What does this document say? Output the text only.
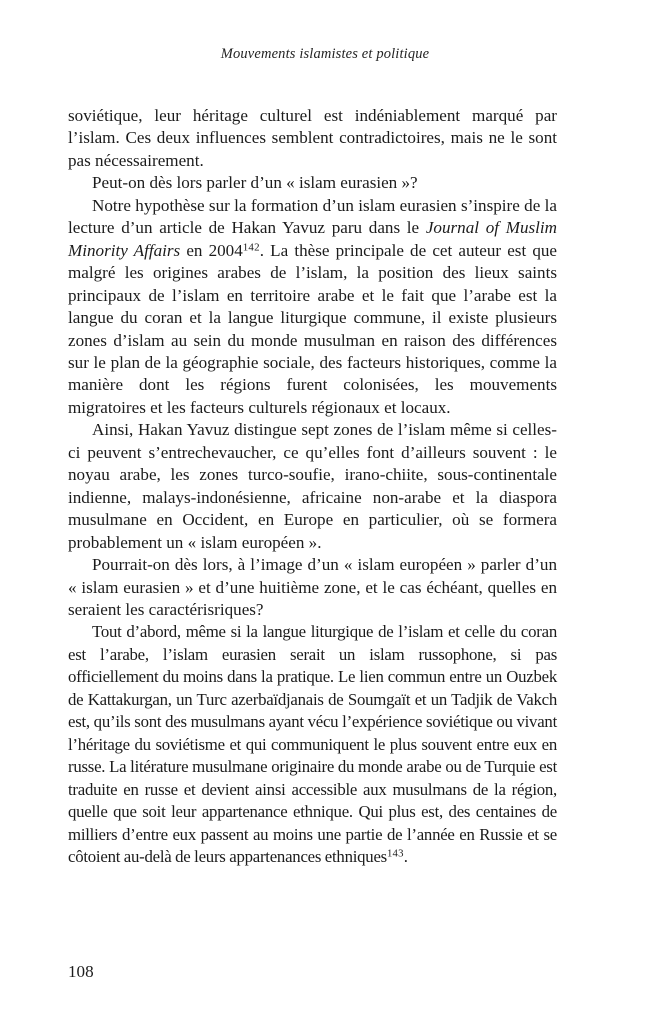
Mouvements islamistes et politique

soviétique, leur héritage culturel est indéniablement marqué par l’islam. Ces deux influences semblent contradictoires, mais ne le sont pas nécessairement.

Peut-on dès lors parler d’un « islam eurasien »?

Notre hypothèse sur la formation d’un islam eurasien s’inspire de la lecture d’un article de Hakan Yavuz paru dans le Journal of Muslim Minority Affairs en 2004$^{142}$. La thèse principale de cet auteur est que malgré les origines arabes de l’islam, la position des lieux saints principaux de l’islam en territoire arabe et le fait que l’arabe est la langue du coran et la langue liturgique commune, il existe plusieurs zones d’islam au sein du monde musulman en raison des différences sur le plan de la géographie sociale, des facteurs historiques, comme la manière dont les régions furent colonisées, les mouvements migratoires et les facteurs culturels régionaux et locaux.

Ainsi, Hakan Yavuz distingue sept zones de l’islam même si celles-ci peuvent s’entrechevaucher, ce qu’elles font d’ailleurs souvent : le noyau arabe, les zones turco-soufie, irano-chiite, sous-continentale indienne, malays-indonésienne, africaine non-arabe et la diaspora musulmane en Occident, en Europe en particulier, où se formera probablement un « islam européen ».

Pourrait-on dès lors, à l’image d’un « islam européen » parler d’un « islam eurasien » et d’une huitième zone, et le cas échéant, quelles en seraient les caractérisriques?

Tout d’abord, même si la langue liturgique de l’islam et celle du coran est l’arabe, l’islam eurasien serait un islam russophone, si pas officiellement du moins dans la pratique. Le lien commun entre un Ouzbek de Kattakurgan, un Turc azerbaïdjanais de Soumgaït et un Tadjik de Vakch est, qu’ils sont des musulmans ayant vécu l’expérience soviétique ou vivant l’héritage du soviétisme et qui communiquent le plus souvent entre eux en russe. La litérature musulmane originaire du monde arabe ou de Turquie est traduite en russe et devient ainsi accessible aux musulmans de la région, quelle que soit leur appartenance ethnique. Qui plus est, des centaines de milliers d’entre eux passent au moins une partie de l’année en Russie et se côtoient au-delà de leurs appartenances ethniques$^{143}$.

108
